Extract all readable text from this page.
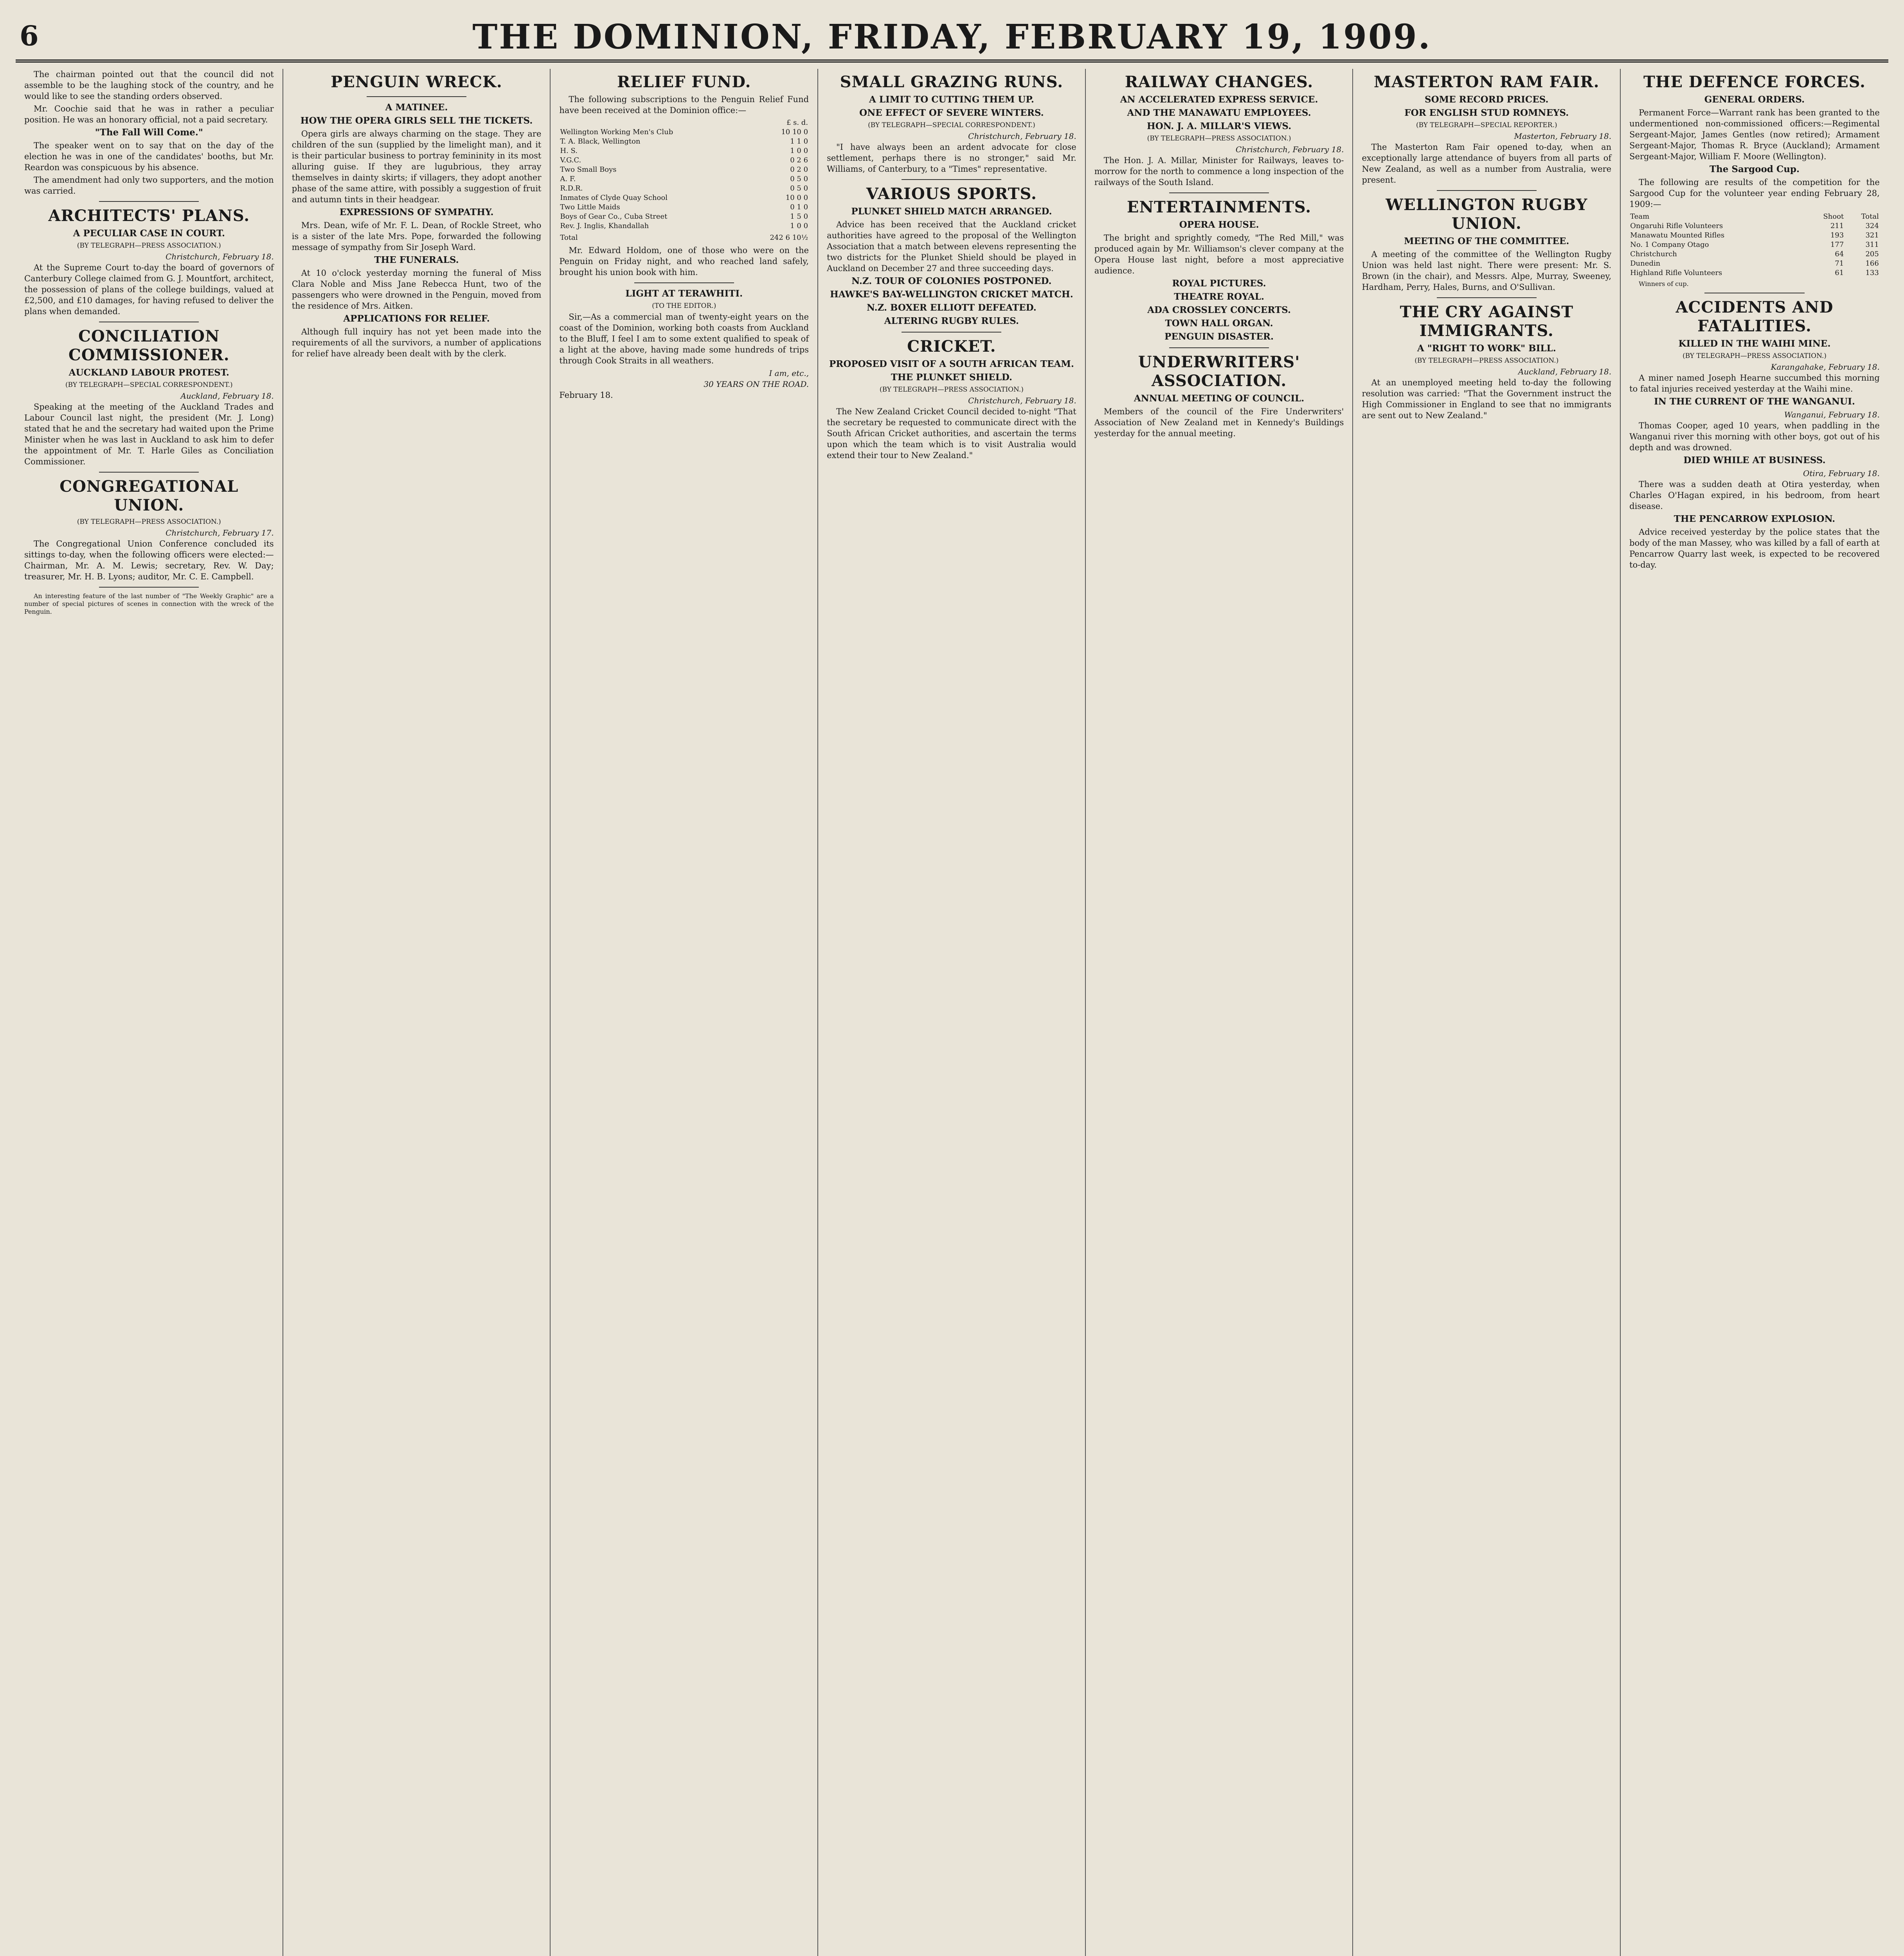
6	THE DOMINION, FRIDAY, FEBRUARY 19, 1909.

The chairman pointed out that the council did not assemble to be the laughing stock of the country, and he would like to see the standing orders observed.

Mr. Coochie said that he was in rather a peculiar position. He was an honorary official, not a paid secretary.

"The Fall Will Come."

The speaker went on to say that on the day of the election he was in one of the candidates' booths, but Mr. Reardon was conspicuous by his absence.

The amendment had only two supporters, and the motion was carried.

ARCHITECTS' PLANS.
A PECULIAR CASE IN COURT.
(BY TELEGRAPH—PRESS ASSOCIATION.)
Christchurch, February 18.

At the Supreme Court to-day the board of governors of Canterbury College claimed from G. J. Mountfort, architect, the possession of plans of the college buildings, valued at £2,500, and £10 damages, for having refused to deliver the plans when demanded.

CONCILIATION COMMISSIONER.
AUCKLAND LABOUR PROTEST.
(BY TELEGRAPH—SPECIAL CORRESPONDENT.)
Auckland, February 18.

Speaking at the meeting of the Auckland Trades and Labour Council last night, the president (Mr. J. Long) stated that he and the secretary had waited upon the Prime Minister when he was last in Auckland to ask him to defer the appointment of Mr. T. Harle Giles as Conciliation Commissioner.

CONGREGATIONAL UNION.
(BY TELEGRAPH—PRESS ASSOCIATION.)
Christchurch, February 17.

The Congregational Union Conference concluded its sittings to-day, when the following officers were elected:—Chairman, Mr. A. M. Lewis; secretary, Rev. W. Day; treasurer, Mr. H. B. Lyons; auditor, Mr. C. E. Campbell.

An interesting feature of the last number of "The Weekly Graphic" are a number of special pictures of scenes in connection with the wreck of the Penguin.

PENGUIN WRECK.
A MATINEE.
HOW THE OPERA GIRLS SELL THE TICKETS.

Opera girls are always charming on the stage. They are children of the sun (supplied by the limelight man), and it is their particular business to portray femininity in its most alluring guise. If they are lugubrious, they array themselves in dainty skirts; if villagers, they adopt another phase of the same attire, with possibly a suggestion of fruit and autumn tints in their headgear.

EXPRESSIONS OF SYMPATHY.

Mrs. Dean, wife of Mr. F. L. Dean, of Rockle Street, who is a sister of the late Mrs. Pope, forwarded the following message of sympathy from Sir Joseph Ward.

THE FUNERALS.

At 10 o'clock yesterday morning the funeral of Miss Clara Noble and Miss Jane Rebecca Hunt, two of the passengers who were drowned in the Penguin, moved from the residence of Mrs. Aitken.

APPLICATIONS FOR RELIEF.

Although full inquiry has not yet been made into the requirements of all the survivors, a number of applications for relief have already been dealt with by the clerk.

RELIEF FUND.

The following subscriptions to the Penguin Relief Fund have been received at the Dominion office:—

	£ s. d.
Wellington Working Men's Club	10 10 0
T. A. Black, Wellington	1 1 0
H. S.	1 0 0
V.G.C.	0 2 6
Two Small Boys	0 2 0
A. F.	0 5 0
R.D.R.	0 5 0
Inmates of Clyde Quay School	10 0 0
Two Little Maids	0 1 0
Boys of Gear Co., Cuba Street	1 5 0
Rev. J. Inglis, Khandallah	1 0 0
Total	242 6 10½

Mr. Edward Holdom, one of those who were on the Penguin on Friday night, and who reached land safely, brought his union book with him.

LIGHT AT TERAWHITI.
(TO THE EDITOR.)

Sir,—As a commercial man of twenty-eight years on the coast of the Dominion, working both coasts from Auckland to the Bluff, I feel I am to some extent qualified to speak of a light at the above, having made some hundreds of trips through Cook Straits in all weathers.

I am, etc.,
30 YEARS ON THE ROAD.
February 18.
SMALL GRAZING RUNS.
A LIMIT TO CUTTING THEM UP.
ONE EFFECT OF SEVERE WINTERS.
(BY TELEGRAPH—SPECIAL CORRESPONDENT.)
Christchurch, February 18.

"I have always been an ardent advocate for close settlement, perhaps there is no stronger," said Mr. Williams, of Canterbury, to a "Times" representative.

VARIOUS SPORTS.
PLUNKET SHIELD MATCH ARRANGED.

Advice has been received that the Auckland cricket authorities have agreed to the proposal of the Wellington Association that a match between elevens representing the two districts for the Plunket Shield should be played in Auckland on December 27 and three succeeding days.

N.Z. TOUR OF COLONIES POSTPONED.
HAWKE'S BAY-WELLINGTON CRICKET MATCH.
N.Z. BOXER ELLIOTT DEFEATED.
ALTERING RUGBY RULES.
CRICKET.
PROPOSED VISIT OF A SOUTH AFRICAN TEAM.
THE PLUNKET SHIELD.
(BY TELEGRAPH—PRESS ASSOCIATION.)
Christchurch, February 18.

The New Zealand Cricket Council decided to-night "That the secretary be requested to communicate direct with the South African Cricket authorities, and ascertain the terms upon which the team which is to visit Australia would extend their tour to New Zealand."

RAILWAY CHANGES.
AN ACCELERATED EXPRESS SERVICE.
AND THE MANAWATU EMPLOYEES.
HON. J. A. MILLAR'S VIEWS.
(BY TELEGRAPH—PRESS ASSOCIATION.)
Christchurch, February 18.

The Hon. J. A. Millar, Minister for Railways, leaves to-morrow for the north to commence a long inspection of the railways of the South Island.

ENTERTAINMENTS.
OPERA HOUSE.

The bright and sprightly comedy, "The Red Mill," was produced again by Mr. Williamson's clever company at the Opera House last night, before a most appreciative audience.

ROYAL PICTURES.
THEATRE ROYAL.
ADA CROSSLEY CONCERTS.
TOWN HALL ORGAN.
PENGUIN DISASTER.
UNDERWRITERS' ASSOCIATION.
ANNUAL MEETING OF COUNCIL.

Members of the council of the Fire Underwriters' Association of New Zealand met in Kennedy's Buildings yesterday for the annual meeting.

MASTERTON RAM FAIR.
SOME RECORD PRICES.
FOR ENGLISH STUD ROMNEYS.
(BY TELEGRAPH—SPECIAL REPORTER.)
Masterton, February 18.

The Masterton Ram Fair opened to-day, when an exceptionally large attendance of buyers from all parts of New Zealand, as well as a number from Australia, were present.

WELLINGTON RUGBY UNION.
MEETING OF THE COMMITTEE.

A meeting of the committee of the Wellington Rugby Union was held last night. There were present: Mr. S. Brown (in the chair), and Messrs. Alpe, Murray, Sweeney, Hardham, Perry, Hales, Burns, and O'Sullivan.

THE CRY AGAINST IMMIGRANTS.
A "RIGHT TO WORK" BILL.
(BY TELEGRAPH—PRESS ASSOCIATION.)
Auckland, February 18.

At an unemployed meeting held to-day the following resolution was carried: "That the Government instruct the High Commissioner in England to see that no immigrants are sent out to New Zealand."

THE DEFENCE FORCES.
GENERAL ORDERS.

Permanent Force—Warrant rank has been granted to the undermentioned non-commissioned officers:—Regimental Sergeant-Major, James Gentles (now retired); Armament Sergeant-Major, Thomas R. Bryce (Auckland); Armament Sergeant-Major, William F. Moore (Wellington).

The Sargood Cup.

The following are results of the competition for the Sargood Cup for the volunteer year ending February 28, 1909:—

Team	Shoot	Total
Ongaruhi Rifle Volunteers	211	324
Manawatu Mounted Rifles	193	321
No. 1 Company Otago	177	311
Christchurch	64	205
Dunedin	71	166
Highland Rifle Volunteers	61	133

Winners of cup.

ACCIDENTS AND FATALITIES.
KILLED IN THE WAIHI MINE.
(BY TELEGRAPH—PRESS ASSOCIATION.)
Karangahake, February 18.

A miner named Joseph Hearne succumbed this morning to fatal injuries received yesterday at the Waihi mine.

IN THE CURRENT OF THE WANGANUI.
Wanganui, February 18.

Thomas Cooper, aged 10 years, when paddling in the Wanganui river this morning with other boys, got out of his depth and was drowned.

DIED WHILE AT BUSINESS.
Otira, February 18.

There was a sudden death at Otira yesterday, when Charles O'Hagan expired, in his bedroom, from heart disease.

THE PENCARROW EXPLOSION.

Advice received yesterday by the police states that the body of the man Massey, who was killed by a fall of earth at Pencarrow Quarry last week, is expected to be recovered to-day.
